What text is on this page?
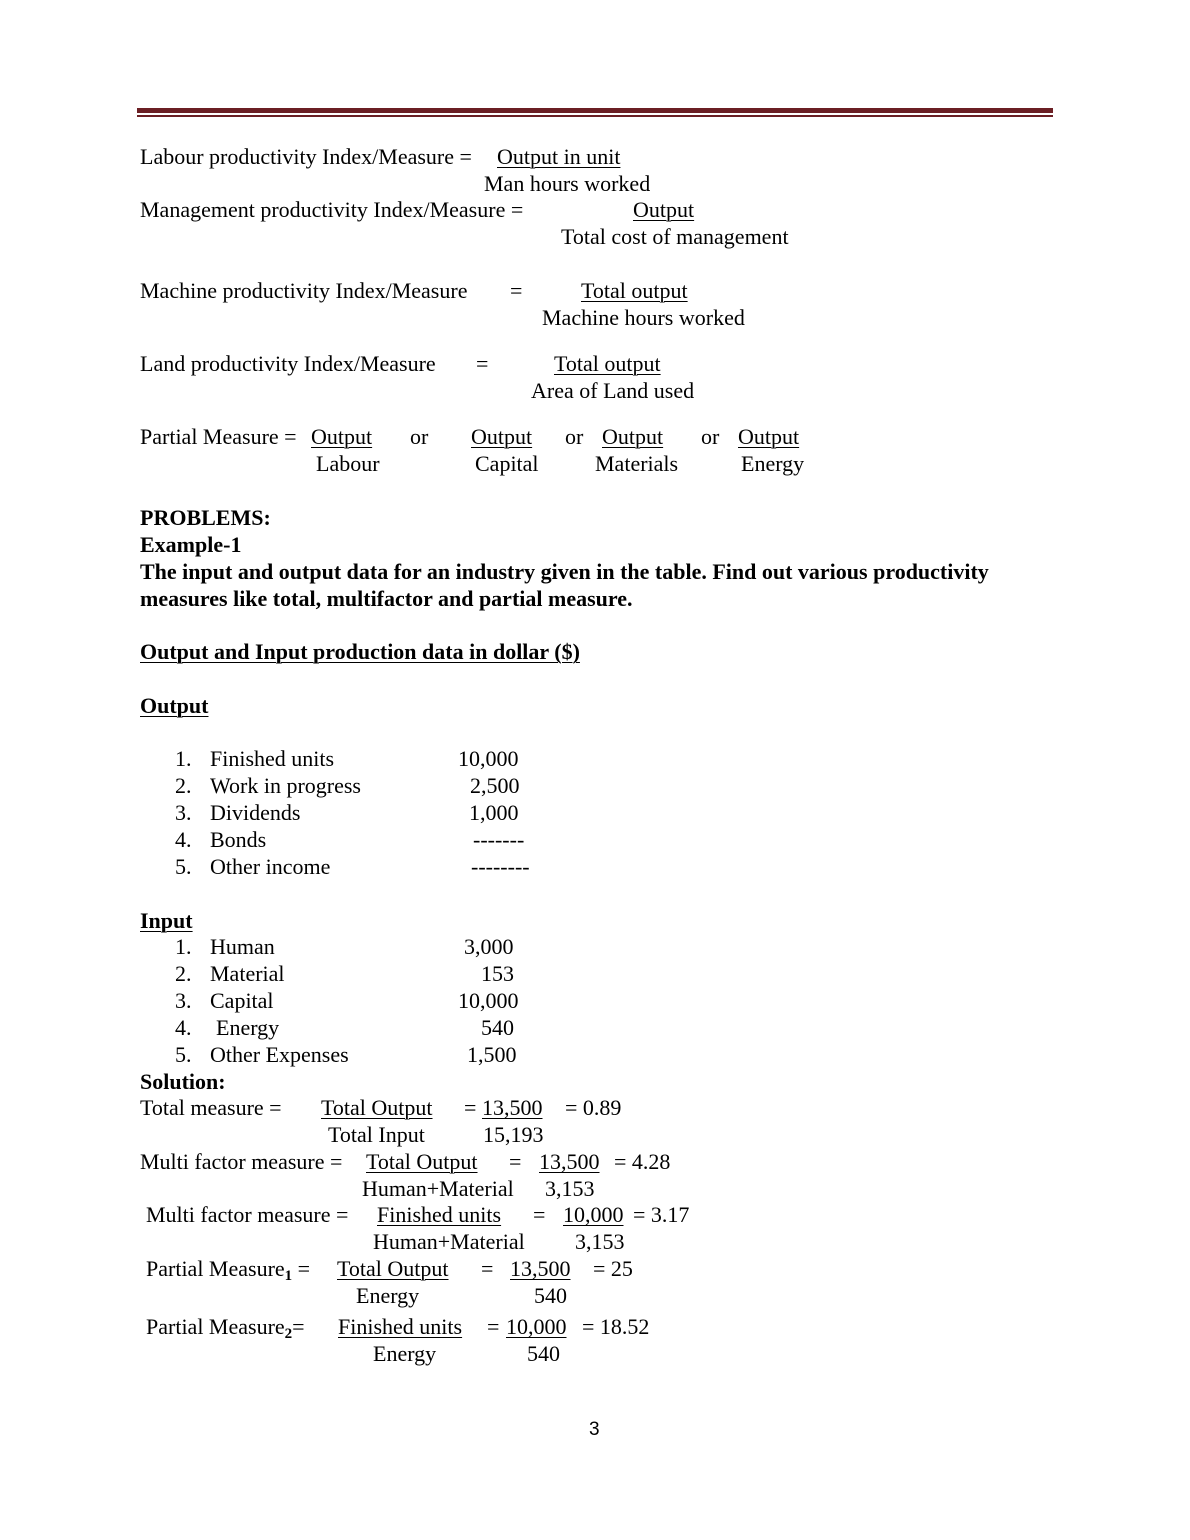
Labour productivity Index/Measure = Output in unit
Man hours worked
Management productivity Index/Measure =	Output
Total cost of management
Machine productivity Index/Measure =	Total output
Machine hours worked
Land productivity Index/Measure =	Total output
Area of Land used
Partial Measure = Output	or Output	or Output	or Output
Labour	Capital	Materials	Energy
PROBLEMS:
Example-1
The input and output data for an industry given in the table. Find out various productivity
measures like total, multifactor and partial measure.
Output and Input production data in dollar ($)
Output
1. Finished units	10,000
2. Work in progress	2,500
3. Dividends	1,000
4. Bonds	-------
5. Other income	--------
Input
1. Human	3,000
2. Material	153
3. Capital	10,000
4. Energy	540
5. Other Expenses	1,500
Solution:
Total measure = Total Output	= 13,500	= 0.89
Total Input	15,193
Multi factor measure = Total Output	= 13,500 = 4.28
Human+Material 3,153
Multi factor measure = Finished units	= 10,000 = 3.17
Human+Material 3,153
Partial Measure1 = Total Output	= 13,500	= 25
Energy	540
Partial Measure2= Finished units = 10,000 = 18.52
Energy	540
3
